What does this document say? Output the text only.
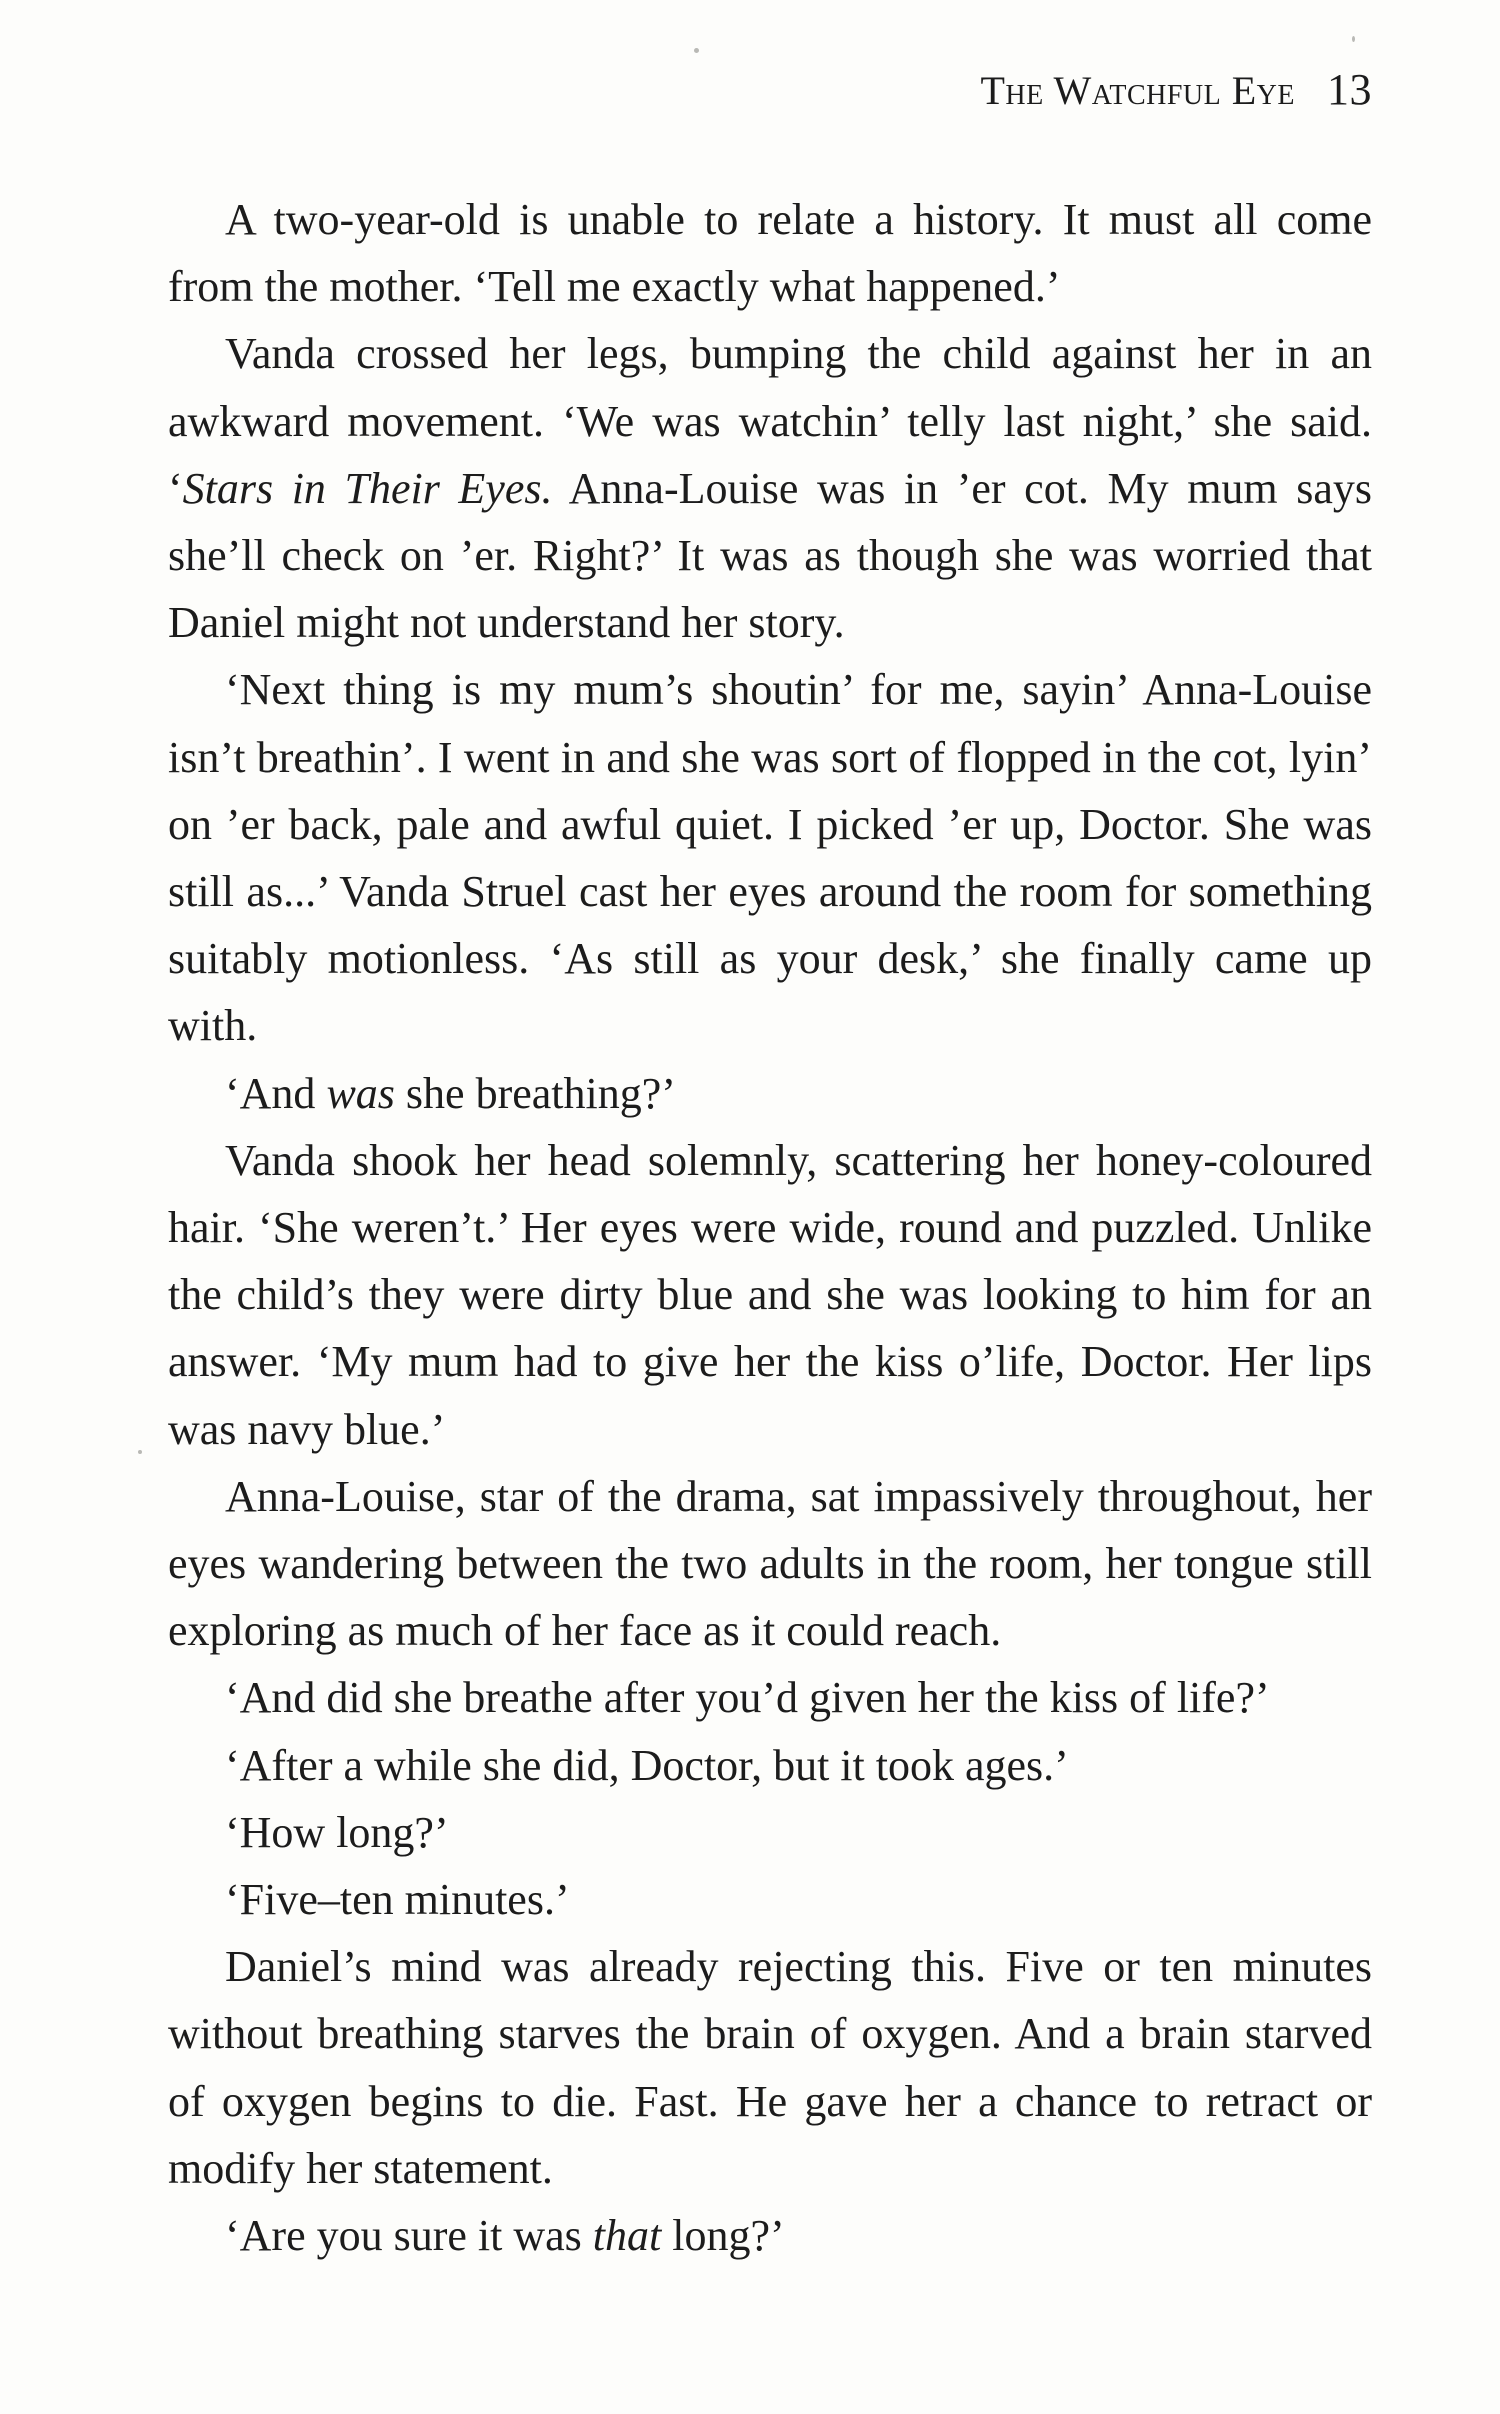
The Watchful Eye 13

A two-year-old is unable to relate a history. It must all come from the mother. ‘Tell me exactly what happened.’

Vanda crossed her legs, bumping the child against her in an awkward movement. ‘We was watchin’ telly last night,’ she said. ‘Stars in Their Eyes. Anna-Louise was in ’er cot. My mum says she’ll check on ’er. Right?’ It was as though she was worried that Daniel might not understand her story.

‘Next thing is my mum’s shoutin’ for me, sayin’ Anna-Louise isn’t breathin’. I went in and she was sort of flopped in the cot, lyin’ on ’er back, pale and awful quiet. I picked ’er up, Doctor. She was still as...’ Vanda Struel cast her eyes around the room for something suitably motionless. ‘As still as your desk,’ she finally came up with.

‘And was she breathing?’

Vanda shook her head solemnly, scattering her honey-coloured hair. ‘She weren’t.’ Her eyes were wide, round and puzzled. Unlike the child’s they were dirty blue and she was looking to him for an answer. ‘My mum had to give her the kiss o’life, Doctor. Her lips was navy blue.’

Anna-Louise, star of the drama, sat impassively throughout, her eyes wandering between the two adults in the room, her tongue still exploring as much of her face as it could reach.

‘And did she breathe after you’d given her the kiss of life?’

‘After a while she did, Doctor, but it took ages.’

‘How long?’

‘Five–ten minutes.’

Daniel’s mind was already rejecting this. Five or ten minutes without breathing starves the brain of oxygen. And a brain starved of oxygen begins to die. Fast. He gave her a chance to retract or modify her statement.

‘Are you sure it was that long?’
